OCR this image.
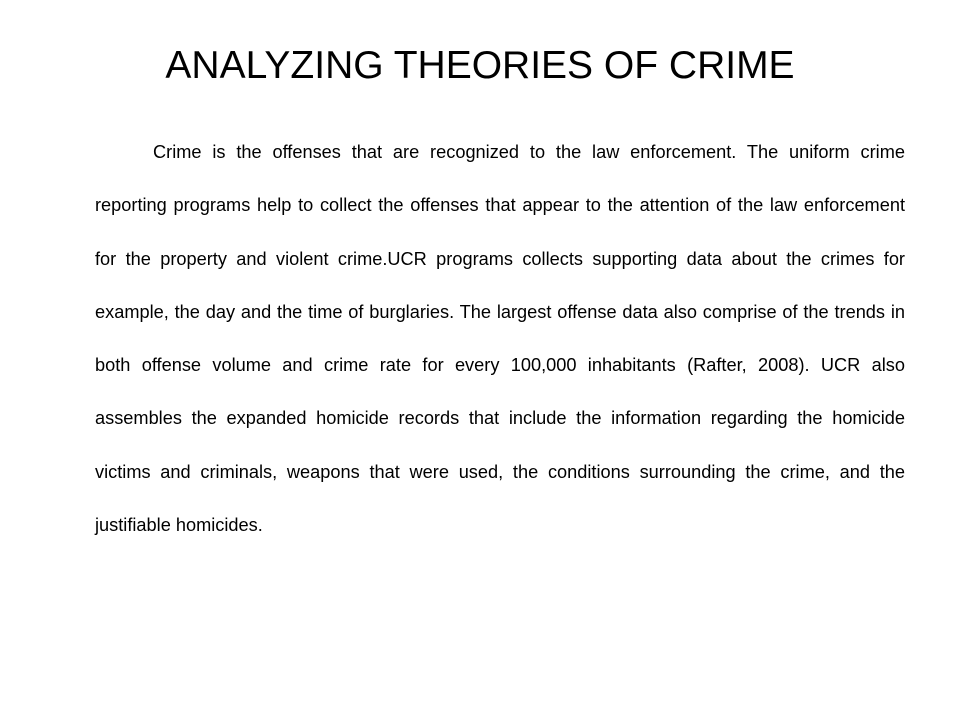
ANALYZING THEORIES OF CRIME

Crime is the offenses that are recognized to the law enforcement. The uniform crime reporting programs help to collect the offenses that appear to the attention of the law enforcement for the property and violent crime.UCR programs collects supporting data about the crimes for example, the day and the time of burglaries. The largest offense data also comprise of the trends in both offense volume and crime rate for every 100,000 inhabitants (Rafter, 2008). UCR also assembles the expanded homicide records that include the information regarding the homicide victims and criminals, weapons that were used, the conditions surrounding the crime, and the justifiable homicides.
